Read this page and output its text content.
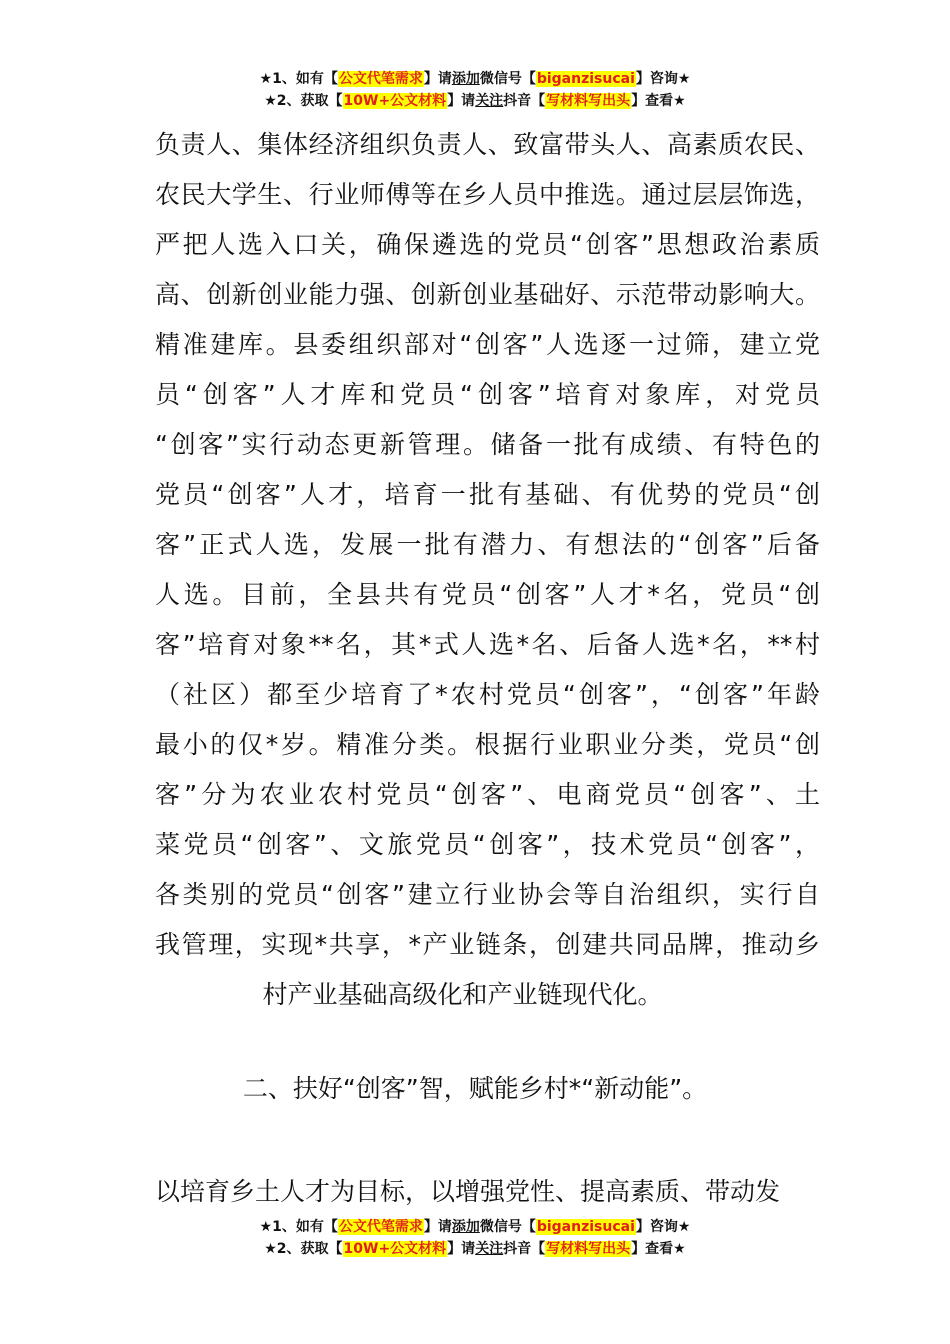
★1、如有【公文代笔需求】请添加微信号【biganzisucai】咨询★
★2、获取【10W+公文材料】请关注抖音【写材料写出头】查看★
负责人、集体经济组织负责人、致富带头人、高素质农民、
农民大学生、行业师傅等在乡人员中推选。通过层层饰选，
严把人选入口关，确保遴选的党员“创客”思想政治素质
高、创新创业能力强、创新创业基础好、示范带动影响大。
精准建库。县委组织部对“创客”人选逐一过筛，建立党
员“创客”人才库和党员“创客”培育对象库，对党员
“创客”实行动态更新管理。储备一批有成绩、有特色的
党员“创客”人才，培育一批有基础、有优势的党员“创
客”正式人选，发展一批有潜力、有想法的“创客”后备
人选。目前，全县共有党员“创客”人才*名，党员“创
客”培育对象**名，其*式人选*名、后备人选*名，**村
（社区）都至少培育了*农村党员“创客”，“创客”年龄
最小的仅*岁。精准分类。根据行业职业分类，党员“创
客”分为农业农村党员“创客”、电商党员“创客”、土
菜党员“创客”、文旅党员“创客”，技术党员“创客”，
各类别的党员“创客”建立行业协会等自治组织，实行自
我管理，实现*共享，*产业链条，创建共同品牌，推动乡
村产业基础高级化和产业链现代化。
二、扶好“创客”智，赋能乡村*“新动能”。
以培育乡土人才为目标，以增强党性、提高素质、带动发
★1、如有【公文代笔需求】请添加微信号【biganzisucai】咨询★
★2、获取【10W+公文材料】请关注抖音【写材料写出头】查看★
